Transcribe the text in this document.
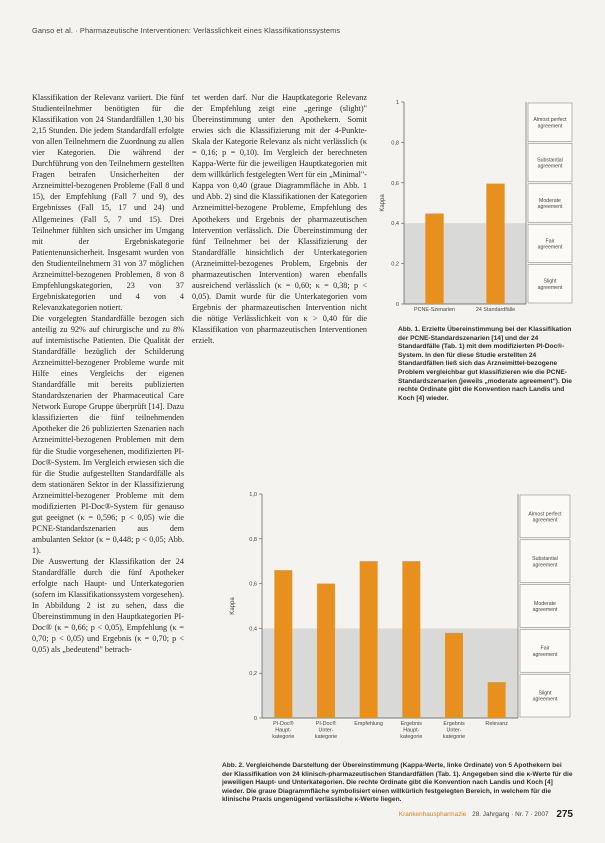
Ganso et al. · Pharmazeutische Interventionen: Verlässlichkeit eines Klassifikationssystems

Klassifikation der Relevanz variiert. Die fünf Studienteilnehmer benötigten für die Klassifikation von 24 Standardfällen 1,30 bis 2,15 Stunden. Die jedem Standardfall erfolgte von allen Teilnehmern die Zuordnung zu allen vier Kategorien. Die während der Durchführung von den Teilnehmern gestellten Fragen betrafen Unsicherheiten der Arzneimittel-bezogenen Probleme (Fall 8 und 15), der Empfehlung (Fall 7 und 9), des Ergebnisses (Fall 15, 17 und 24) und Allgemeines (Fall 5, 7 und 15). Drei Teilnehmer fühlten sich unsicher im Umgang mit der Ergebniskategorie Patientenunsicherheit. Insgesamt wurden von den Studienteilnehmern 31 von 37 möglichen Arzneimittel-bezogenen Problemen, 8 von 8 Empfehlungskategorien, 23 von 37 Ergebniskategorien und 4 von 4 Relevanzkategorien notiert.

Die vorgelegten Standardfälle bezogen sich anteilig zu 92% auf chirurgische und zu 8% auf internistische Patienten. Die Qualität der Standardfälle bezüglich der Schilderung Arzneimittel-bezogener Probleme wurde mit Hilfe eines Vergleichs der eigenen Standardfälle mit bereits publizierten Standardszenarien der Pharmaceutical Care Network Europe Gruppe überprüft [14]. Dazu klassifizierten die fünf teilnehmenden Apotheker die 26 publizierten Szenarien nach Arzneimittel-bezogenen Problemen mit dem für die Studie vorgesehenen, modifizierten PI-Doc®-System. Im Vergleich erwiesen sich die für die Studie aufgestellten Standardfälle als dem stationären Sektor in der Klassifizierung Arzneimittel-bezogener Probleme mit dem modifizierten PI-Doc®-System für genauso gut geeignet (κ = 0,596; p < 0,05) wie die PCNE-Standardszenarien aus dem ambulanten Sektor (κ = 0,448; p < 0,05; Abb. 1).

Die Auswertung der Klassifikation der 24 Standardfälle durch die fünf Apotheker erfolgte nach Haupt- und Unterkategorien (sofern im Klassifikationssystem vorgesehen). In Abbildung 2 ist zu sehen, dass die Übereinstimmung in den Hauptkategorien PI-Doc® (κ = 0,66; p < 0,05), Empfehlung (κ = 0,70; p < 0,05) und Ergebnis (κ = 0,70; p < 0,05) als „bedeutend" betrach-

tet werden darf. Nur die Hauptkategorie Relevanz der Empfehlung zeigt eine „geringe (slight)" Übereinstimmung unter den Apothekern. Somit erwies sich die Klassifizierung mit der 4-Punkte-Skala der Kategorie Relevanz als nicht verlässlich (κ = 0,16; p = 0,10). Im Vergleich der berechneten Kappa-Werte für die jeweiligen Hauptkategorien mit dem willkürlich festgelegten Wert für ein „Minimal"-Kappa von 0,40 (graue Diagrammfläche in Abb. 1 und Abb. 2) sind die Klassifikationen der Kategorien Arzneimittel-bezogene Probleme, Empfehlung des Apothekers und Ergebnis der pharmazeutischen Intervention verlässlich. Die Übereinstimmung der fünf Teilnehmer bei der Klassifizierung der Standardfälle hinsichtlich der Unterkategorien (Arzneimittel-bezogenes Problem, Ergebnis der pharmazeutischen Intervention) waren ebenfalls ausreichend verlässlich (κ = 0,60; κ = 0,38; p < 0,05). Damit wurde für die Unterkategorien vom Ergebnis der pharmazeutischen Intervention nicht die nötige Verlässlichkeit von κ > 0,40 für die Klassifikation von pharmazeutischen Interventionen erzielt.

0
0,2
0,4
0,6
0,8
1
Kappa
PCNE-Szenarien	24 Standardfälle
Almost perfect agreement
Substantial agreement
Moderate agreement
Fair agreement
Slight agreement
Abb. 1. Erzielte Übereinstimmung bei der Klassifikation der PCNE-Standardszenarien [14] und der 24 Standardfälle (Tab. 1) mit dem modifizierten PI-Doc®-System. In den für diese Studie erstellten 24 Standardfällen ließ sich das Arzneimittel-bezogene Problem vergleichbar gut klassifizieren wie die PCNE-Standardszenarien (jeweils „moderate agreement"). Die rechte Ordinate gibt die Konvention nach Landis und Koch [4] wieder.
0
0,2
0,4
0,6
0,8
1,0
Kappa
PI-Doc® Haupt-kategorie
PI-Doc® Unter-kategorie
Empfehlung	Ergebnis Haupt-kategorie
Ergebnis Unter-kategorie
Relevanz
Almost perfect agreement
Substantial agreement
Moderate agreement
Fair agreement
Slight agreement
Abb. 2. Vergleichende Darstellung der Übereinstimmung (Kappa-Werte, linke Ordinate) von 5 Apothekern bei der Klassifikation von 24 klinisch-pharmazeutischen Standardfällen (Tab. 1). Angegeben sind die κ-Werte für die jeweiligen Haupt- und Unterkategorien. Die rechte Ordinate gibt die Konvention nach Landis und Koch [4] wieder. Die graue Diagrammfläche symbolisiert einen willkürlich festgelegten Bereich, in welchem für die klinische Praxis ungenügend verlässliche κ-Werte liegen.
Krankenhauspharmazie 28. Jahrgang · Nr. 7 · 2007 275
